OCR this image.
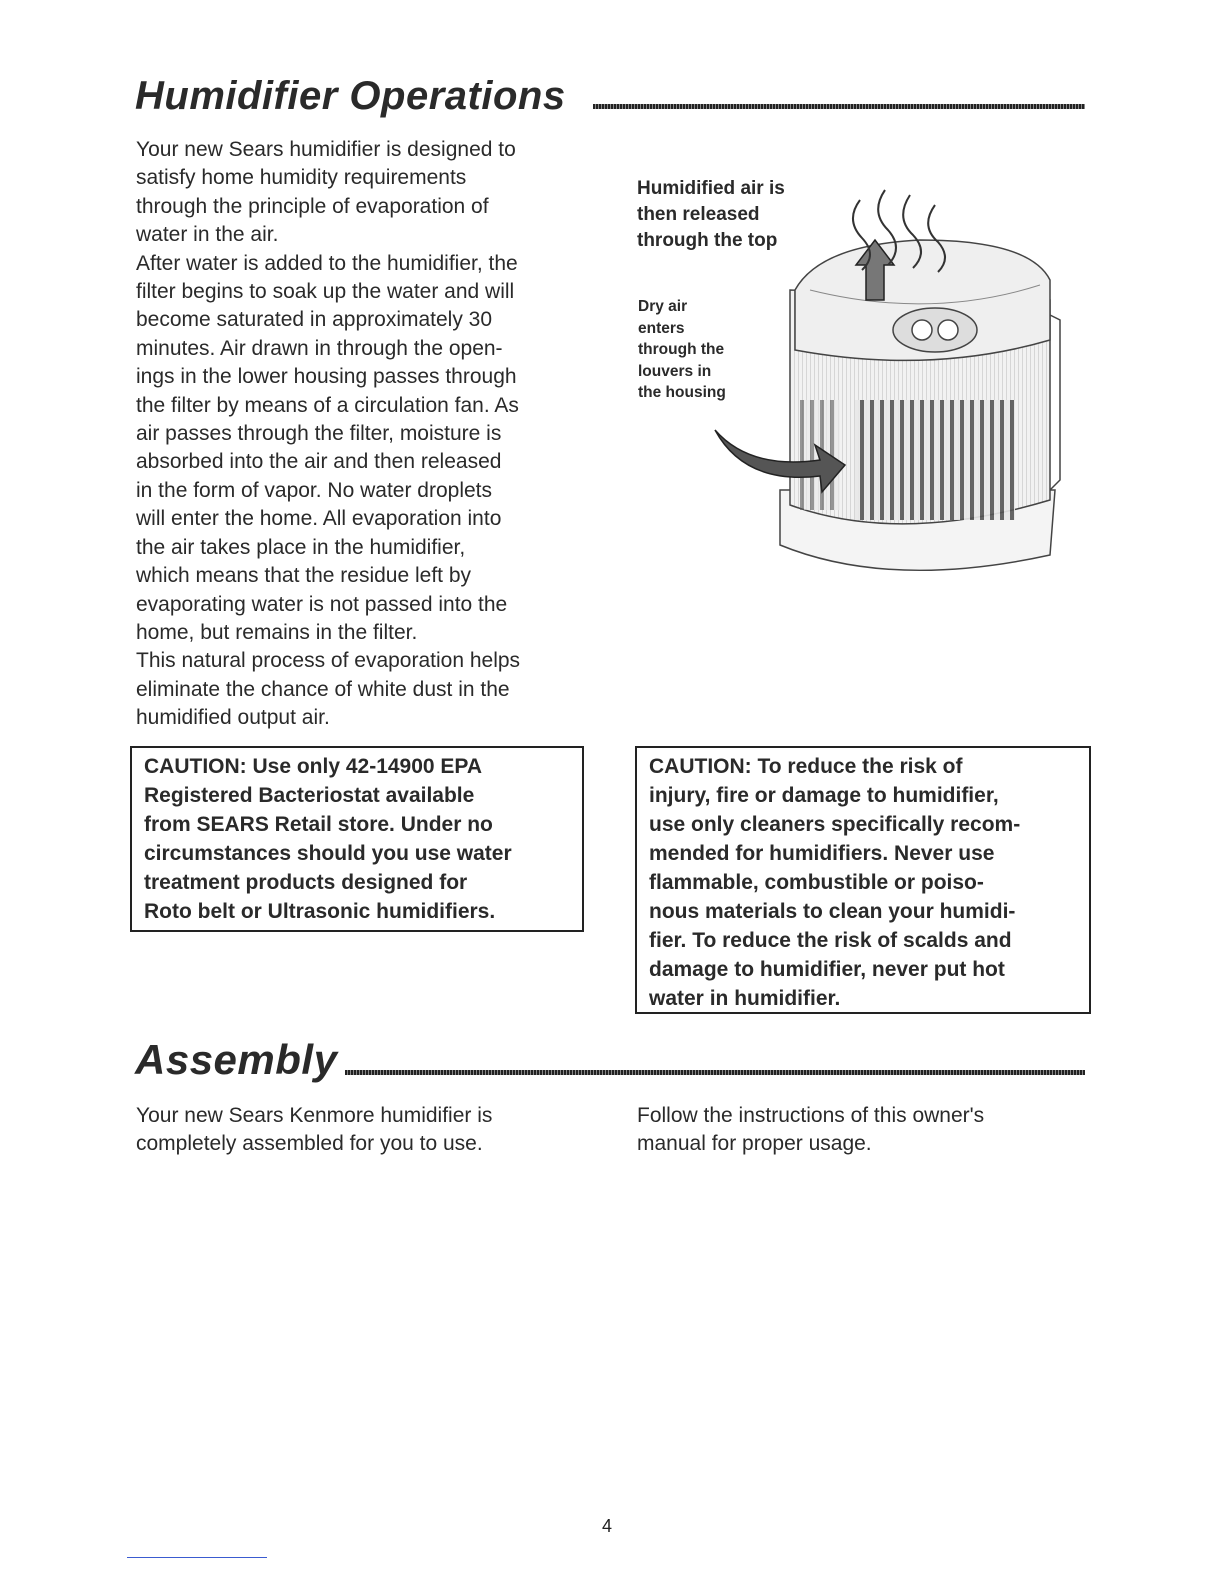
Humidifier Operations
Your new Sears humidifier is designed to
satisfy home humidity requirements
through the principle of evaporation of
water in the air.
After water is added to the humidifier, the
filter begins to soak up the water and will
become saturated in approximately 30
minutes. Air drawn in through the open-
ings in the lower housing passes through
the filter by means of a circulation fan. As
air passes through the filter, moisture is
absorbed into the air and then released
in the form of vapor. No water droplets
will enter the home. All evaporation into
the air takes place in the humidifier,
which means that the residue left by
evaporating water is not passed into the
home, but remains in the filter.
This natural process of evaporation helps
eliminate the chance of white dust in the
humidified output air.
Humidified air is
then released
through the top
Dry air
enters
through the
louvers in
the housing
CAUTION: Use only 42-14900 EPA
Registered Bacteriostat available
from SEARS Retail store. Under no
circumstances should you use water
treatment products designed for
Roto belt or Ultrasonic humidifiers.
CAUTION: To reduce the risk of
injury, fire or damage to humidifier,
use only cleaners specifically recom-
mended for humidifiers. Never use
flammable, combustible or poiso-
nous materials to clean your humidi-
fier. To reduce the risk of scalds and
damage to humidifier, never put hot
water in humidifier.
Assembly
Your new Sears Kenmore humidifier is
completely assembled for you to use.
Follow the instructions of this owner's
manual for proper usage.
4
